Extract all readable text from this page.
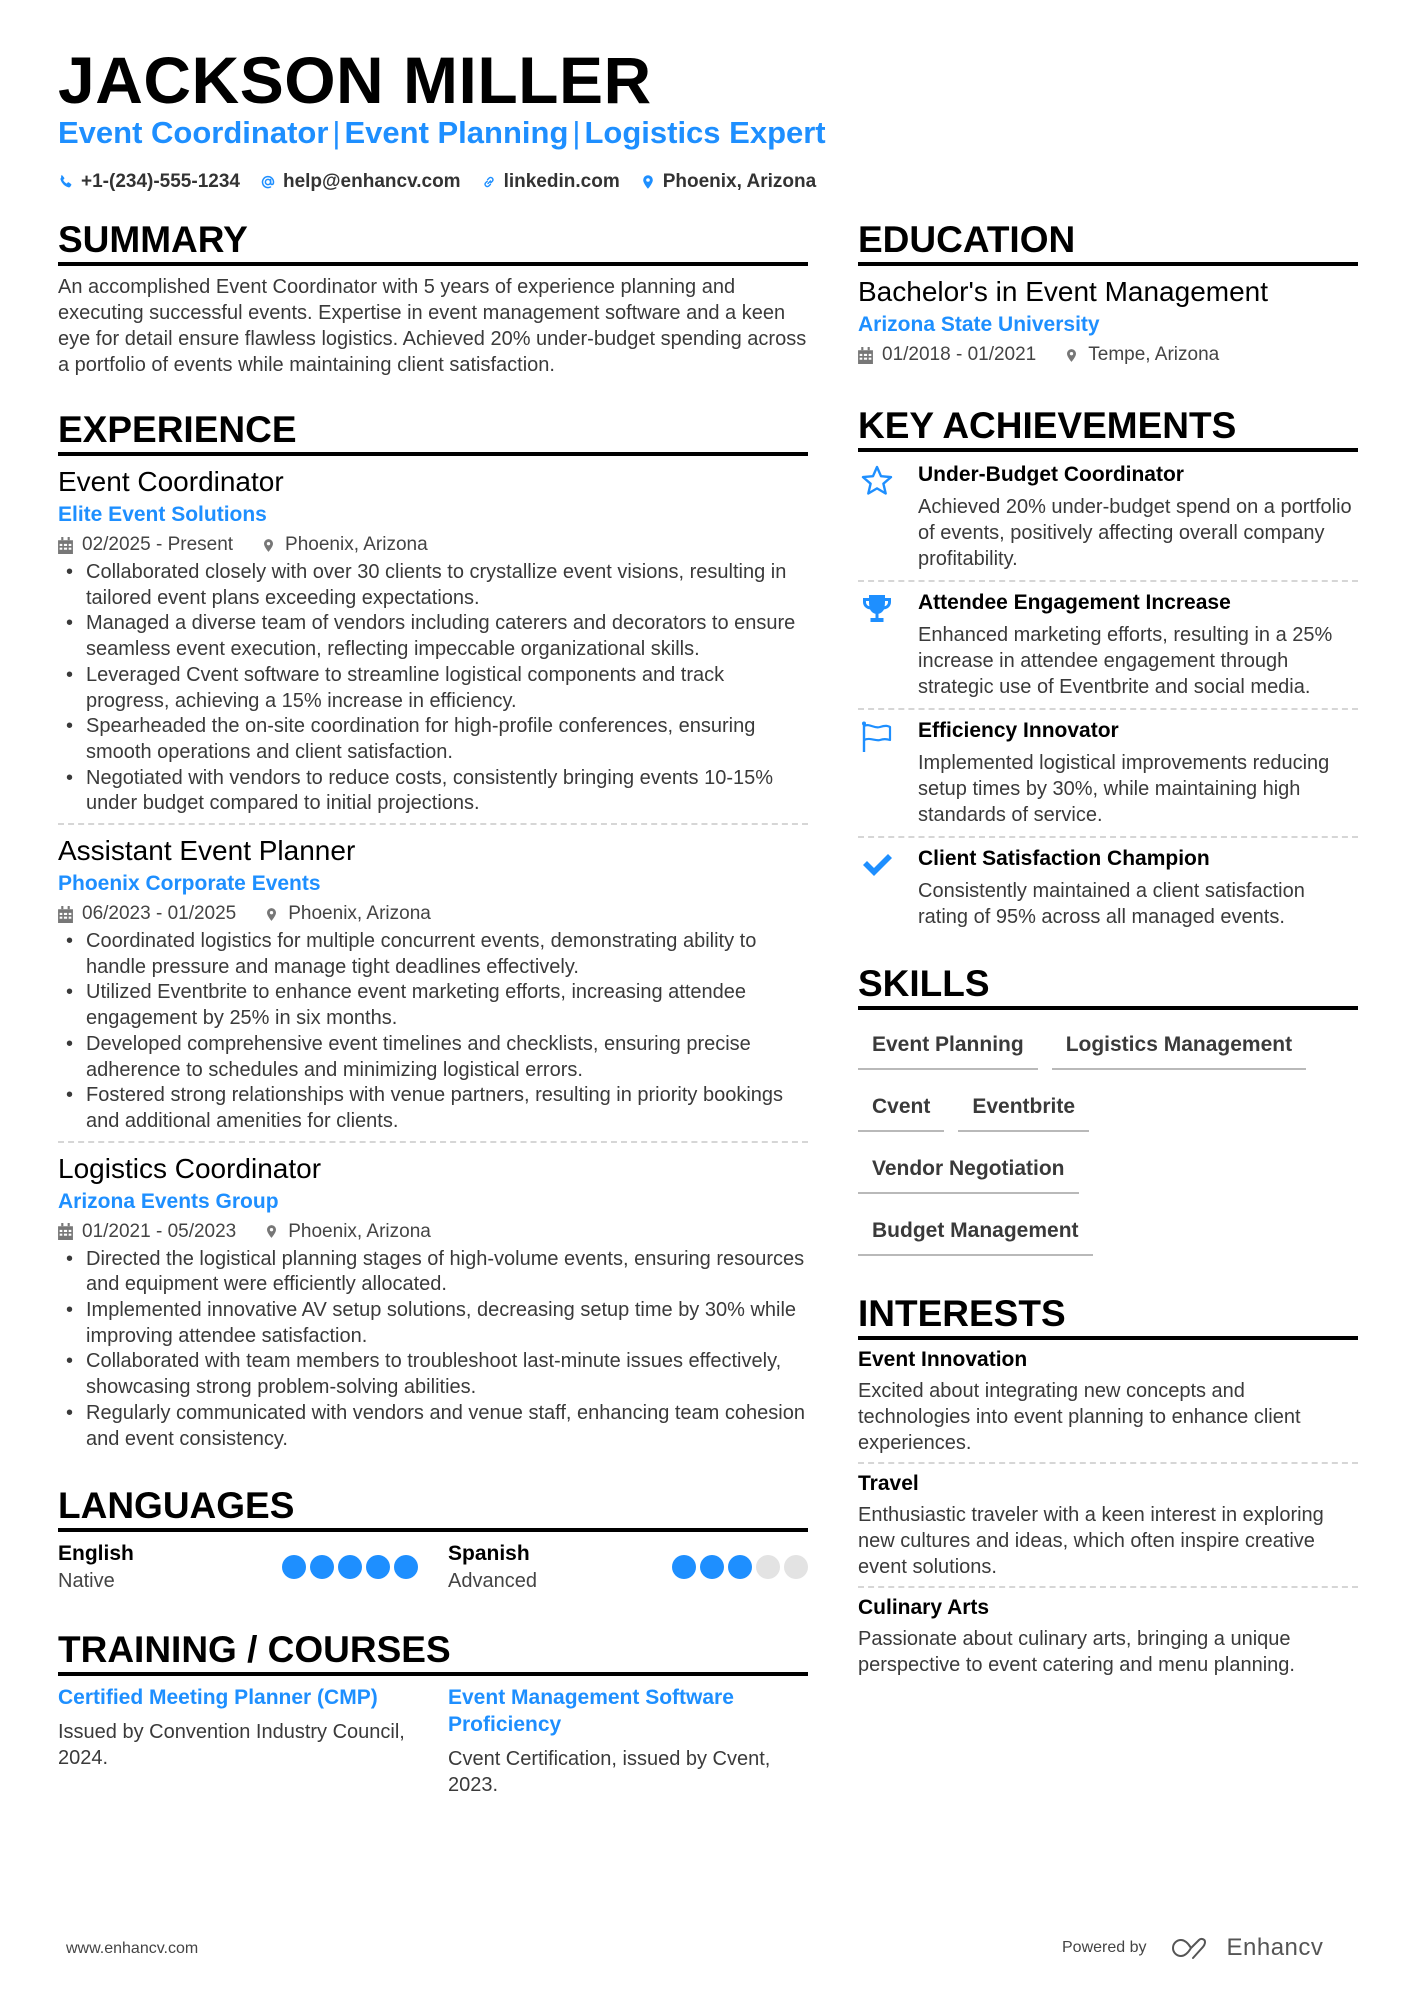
JACKSON MILLER
Event Coordinator | Event Planning | Logistics Expert
+1-(234)-555-1234 help@enhancv.com linkedin.com Phoenix, Arizona
SUMMARY

An accomplished Event Coordinator with 5 years of experience planning and executing successful events. Expertise in event management software and a keen eye for detail ensure flawless logistics. Achieved 20% under-budget spending across a portfolio of events while maintaining client satisfaction.

EXPERIENCE
Event Coordinator
Elite Event Solutions
02/2025 - Present	Phoenix, Arizona
• Collaborated closely with over 30 clients to crystallize event visions, resulting in tailored event plans exceeding expectations.
• Managed a diverse team of vendors including caterers and decorators to ensure seamless event execution, reflecting impeccable organizational skills.
• Leveraged Cvent software to streamline logistical components and track progress, achieving a 15% increase in efficiency.
• Spearheaded the on-site coordination for high-profile conferences, ensuring smooth operations and client satisfaction.
• Negotiated with vendors to reduce costs, consistently bringing events 10-15% under budget compared to initial projections.
Assistant Event Planner
Phoenix Corporate Events
06/2023 - 01/2025	Phoenix, Arizona
• Coordinated logistics for multiple concurrent events, demonstrating ability to handle pressure and manage tight deadlines effectively.
• Utilized Eventbrite to enhance event marketing efforts, increasing attendee engagement by 25% in six months.
• Developed comprehensive event timelines and checklists, ensuring precise adherence to schedules and minimizing logistical errors.
• Fostered strong relationships with venue partners, resulting in priority bookings and additional amenities for clients.
Logistics Coordinator
Arizona Events Group
01/2021 - 05/2023	Phoenix, Arizona
• Directed the logistical planning stages of high-volume events, ensuring resources and equipment were efficiently allocated.
• Implemented innovative AV setup solutions, decreasing setup time by 30% while improving attendee satisfaction.
• Collaborated with team members to troubleshoot last-minute issues effectively, showcasing strong problem-solving abilities.
• Regularly communicated with vendors and venue staff, enhancing team cohesion and event consistency.
LANGUAGES
English
Native
Spanish
Advanced
TRAINING / COURSES
Certified Meeting Planner (CMP)
Issued by Convention Industry Council, 2024.
Event Management Software Proficiency
Cvent Certification, issued by Cvent, 2023.
EDUCATION
Bachelor's in Event Management
Arizona State University
01/2018 - 01/2021	Tempe, Arizona
KEY ACHIEVEMENTS
Under-Budget Coordinator
Achieved 20% under-budget spend on a portfolio of events, positively affecting overall company profitability.
Attendee Engagement Increase
Enhanced marketing efforts, resulting in a 25% increase in attendee engagement through strategic use of Eventbrite and social media.
Efficiency Innovator
Implemented logistical improvements reducing setup times by 30%, while maintaining high standards of service.
Client Satisfaction Champion
Consistently maintained a client satisfaction rating of 95% across all managed events.
SKILLS
Event Planning	Logistics Management
Cvent	Eventbrite
Vendor Negotiation
Budget Management
INTERESTS
Event Innovation
Excited about integrating new concepts and technologies into event planning to enhance client experiences.
Travel
Enthusiastic traveler with a keen interest in exploring new cultures and ideas, which often inspire creative event solutions.
Culinary Arts
Passionate about culinary arts, bringing a unique perspective to event catering and menu planning.
www.enhancv.com	Powered by	Enhancv
